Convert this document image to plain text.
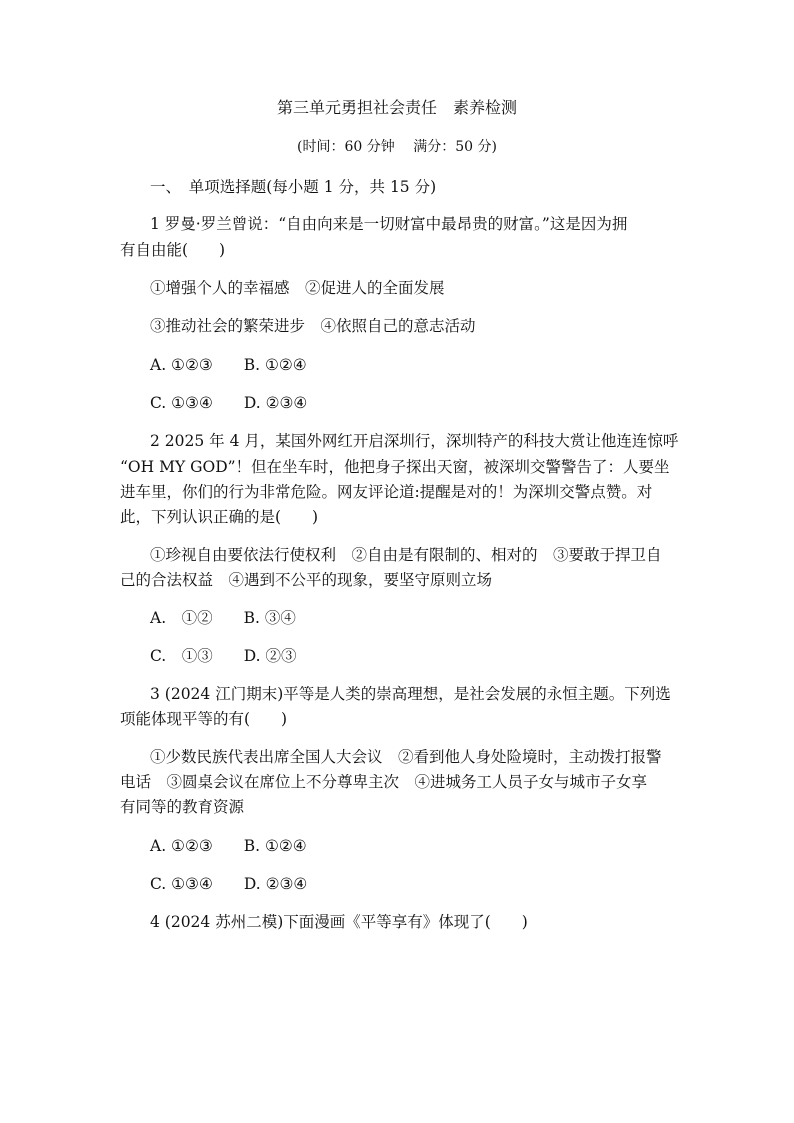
第三单元勇担社会责任　素养检测
(时间：60 分钟　 满分：50 分)
一、　单项选择题(每小题 1 分，共 15 分)
1 罗曼·罗兰曾说：“自由向来是一切财富中最昂贵的财富。”这是因为拥
有自由能(　　)
①增强个人的幸福感　②促进人的全面发展
③推动社会的繁荣进步　④依照自己的意志活动
A. ①②③　　B. ①②④
C. ①③④　　D. ②③④
2 2025 年 4 月，某国外网红开启深圳行，深圳特产的科技大赏让他连连惊呼
“OH MY GOD”！但在坐车时，他把身子探出天窗，被深圳交警警告了：人要坐
进车里，你们的行为非常危险。网友评论道:提醒是对的！为深圳交警点赞。对
此，下列认识正确的是(　　)
①珍视自由要依法行使权利　②自由是有限制的、相对的　③要敢于捍卫自
己的合法权益　④遇到不公平的现象，要坚守原则立场
A.　①②　　B. ③④
C.　①③　　D. ②③
3 (2024 江门期末)平等是人类的崇高理想，是社会发展的永恒主题。下列选
项能体现平等的有(　　)
①少数民族代表出席全国人大会议　②看到他人身处险境时，主动拨打报警
电话　③圆桌会议在席位上不分尊卑主次　④进城务工人员子女与城市子女享
有同等的教育资源
A. ①②③　　B. ①②④
C. ①③④　　D. ②③④
4 (2024 苏州二模)下面漫画《平等享有》体现了(　　)
